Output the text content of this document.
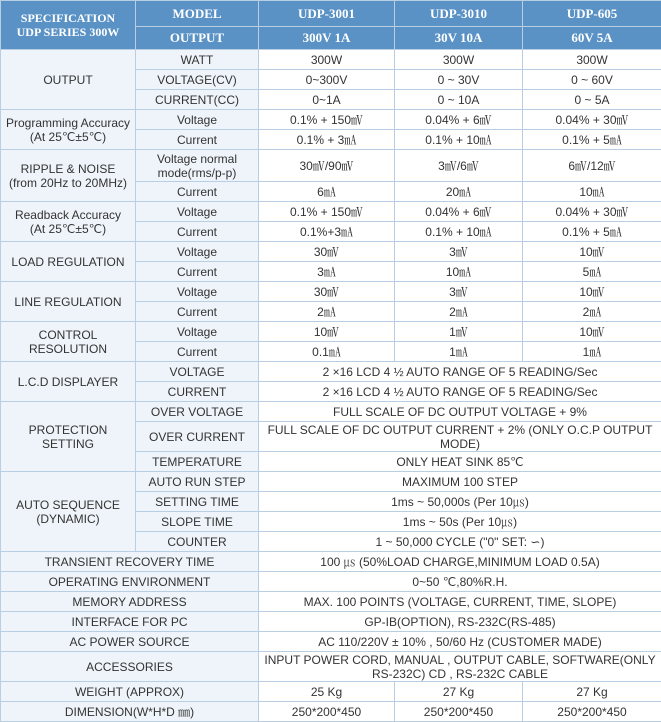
SPECIFICATION
UDP SERIES 300W	MODEL	UDP-3001	UDP-3010	UDP-605
	OUTPUT	300V 1A	30V 10A	60V 5A
OUTPUT	WATT	300W	300W	300W
	VOLTAGE(CV)	0~300V	0 ~ 30V	0 ~ 60V
	CURRENT(CC)	0~1A	0 ~ 10A	0 ~ 5A
Programming Accuracy
(At 25℃±5℃)	Voltage	0.1% + 150㎷	0.04% + 6㎷	0.04% + 30㎷
	Current	0.1% + 3㎃	0.1% + 10㎃	0.1% + 5㎃
RIPPLE & NOISE
(from 20Hz to 20MHz)	Voltage normal mode(rms/p-p)	30㎷/90㎷	3㎷/6㎷	6㎷/12㎷
	Current	6㎃	20㎃	10㎃
Readback Accuracy
(At 25℃±5℃)	Voltage	0.1% + 150㎷	0.04% + 6㎷	0.04% + 30㎷
	Current	0.1%+3㎃	0.1% + 10㎃	0.1% + 5㎃
LOAD REGULATION	Voltage	30㎷	3㎷	10㎷
	Current	3㎃	10㎃	5㎃
LINE REGULATION	Voltage	30㎷	3㎷	10㎷
	Current	2㎃	2㎃	2㎃
CONTROL
RESOLUTION	Voltage	10㎷	1㎷	10㎷
	Current	0.1㎃	1㎃	1㎃
L.C.D DISPLAYER	VOLTAGE	2 ×16 LCD 4 ½ AUTO RANGE OF 5 READING/Sec		
	CURRENT	2 ×16 LCD 4 ½ AUTO RANGE OF 5 READING/Sec		
PROTECTION
SETTING	OVER VOLTAGE	FULL SCALE OF DC OUTPUT VOLTAGE + 9%		
	OVER CURRENT	FULL SCALE OF DC OUTPUT CURRENT + 2% (ONLY O.C.P OUTPUT MODE)		
	TEMPERATURE	ONLY HEAT SINK 85℃		
AUTO SEQUENCE
(DYNAMIC)	AUTO RUN STEP	MAXIMUM 100 STEP		
	SETTING TIME	1ms ~ 50,000s (Per 10㎲)		
	SLOPE TIME	1ms ~ 50s (Per 10㎲)		
	COUNTER	1 ~ 50,000 CYCLE ("0" SET: ∽)		
TRANSIENT RECOVERY TIME		100 ㎲ (50%LOAD CHARGE,MINIMUM LOAD 0.5A)		
OPERATING ENVIRONMENT		0~50 ℃,80%R.H.		
MEMORY ADDRESS		MAX. 100 POINTS (VOLTAGE, CURRENT, TIME, SLOPE)		
INTERFACE FOR PC		GP-IB(OPTION), RS-232C(RS-485)		
AC POWER SOURCE		AC 110/220V ± 10% , 50/60 Hz (CUSTOMER MADE)		
ACCESSORIES		INPUT POWER CORD, MANUAL , OUTPUT CABLE, SOFTWARE(ONLY RS-232C) CD , RS-232C CABLE		
WEIGHT (APPROX)		25 Kg	27 Kg	27 Kg
DIMENSION(W*H*D ㎜)		250*200*450	250*200*450	250*200*450
